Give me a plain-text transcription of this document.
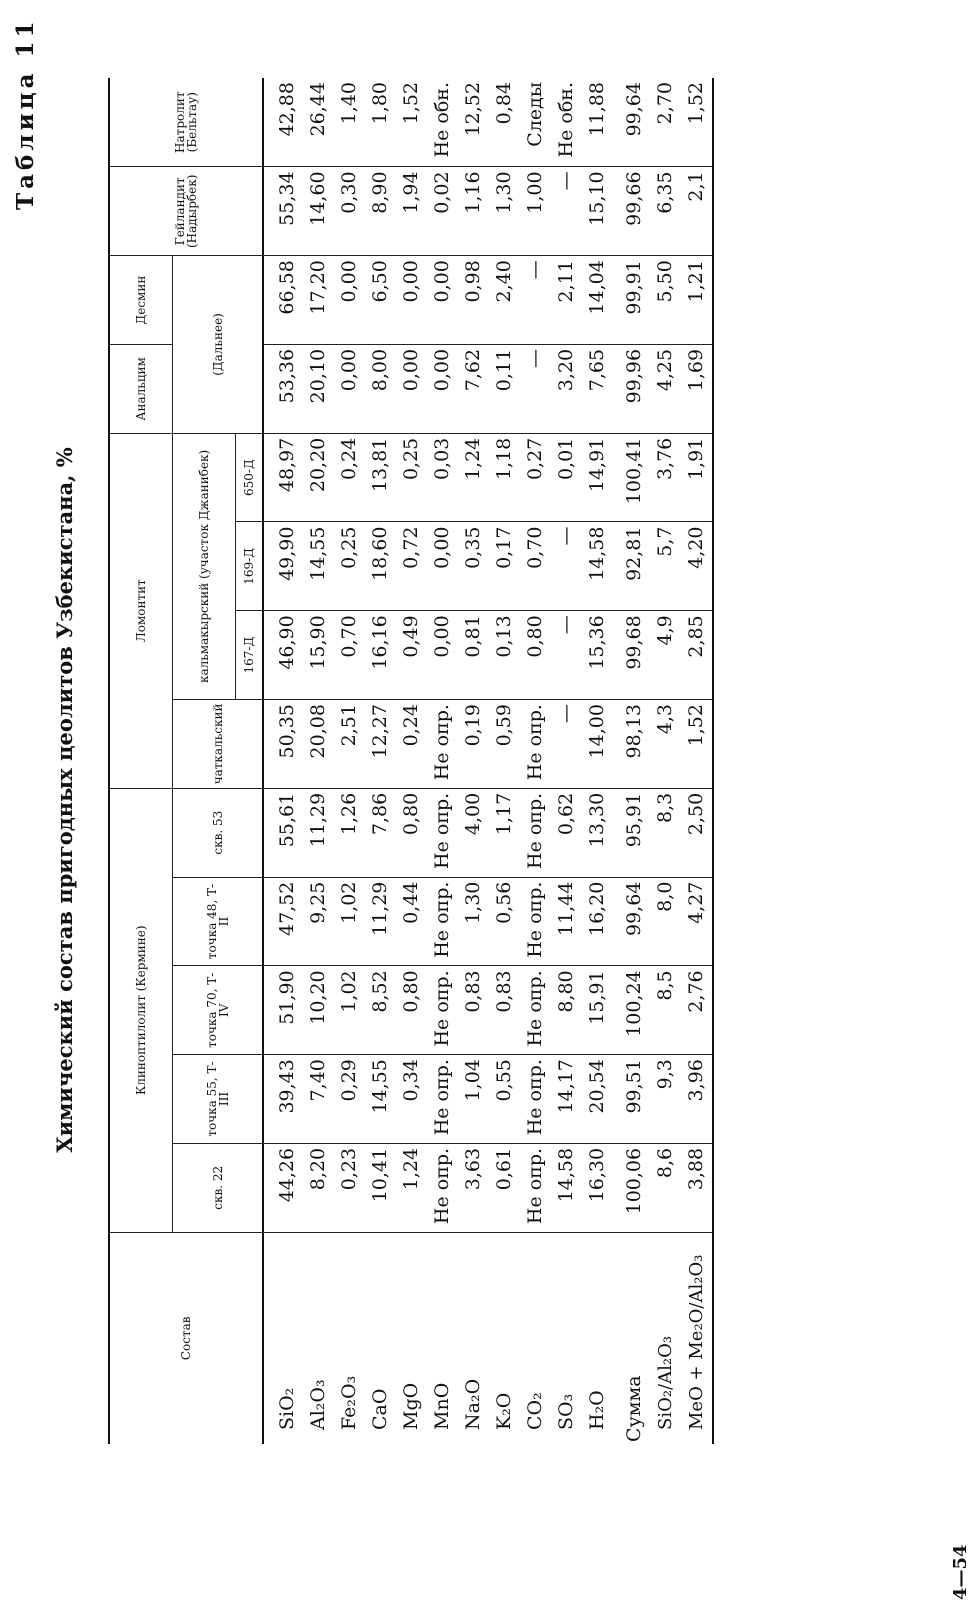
Таблица 11
Химический состав пригодных цеолитов Узбекистана, %
Состав	Клиноптилолит (Кермине)					Ломонтит				Анальцим	Десмин	Гейландит (Надырбек)	Натролит (Бельтау)
	скв. 22	точка 55, Т-III	точка 70, Т-IV	точка 48, Т-II	скв. 53	чаткальский	кальмакырский (участок Джанибек)			(Дальнее)			
							167-Д	169-Д	650-Д				
SiO₂	44,26	39,43	51,90	47,52	55,61	50,35	46,90	49,90	48,97	53,36	66,58	55,34	42,88
Al₂O₃	8,20	7,40	10,20	9,25	11,29	20,08	15,90	14,55	20,20	20,10	17,20	14,60	26,44
Fe₂O₃	0,23	0,29	1,02	1,02	1,26	2,51	0,70	0,25	0,24	0,00	0,00	0,30	1,40
CaO	10,41	14,55	8,52	11,29	7,86	12,27	16,16	18,60	13,81	8,00	6,50	8,90	1,80
MgO	1,24	0,34	0,80	0,44	0,80	0,24	0,49	0,72	0,25	0,00	0,00	1,94	1,52
MnO	Не опр.	Не опр.	Не опр.	Не опр.	Не опр.	Не опр.	0,00	0,00	0,03	0,00	0,00	0,02	Не обн.
Na₂O	3,63	1,04	0,83	1,30	4,00	0,19	0,81	0,35	1,24	7,62	0,98	1,16	12,52
K₂O	0,61	0,55	0,83	0,56	1,17	0,59	0,13	0,17	1,18	0,11	2,40	1,30	0,84
CO₂	Не опр.	Не опр.	Не опр.	Не опр.	Не опр.	Не опр.	0,80	0,70	0,27	—	—	1,00	Следы
SO₃	14,58	14,17	8,80	11,44	0,62	—	—	—	0,01	3,20	2,11	—	Не обн.
H₂O	16,30	20,54	15,91	16,20	13,30	14,00	15,36	14,58	14,91	7,65	14,04	15,10	11,88
Сумма	100,06	99,51	100,24	99,64	95,91	98,13	99,68	92,81	100,41	99,96	99,91	99,66	99,64
SiO₂/Al₂O₃	8,6	9,3	8,5	8,0	8,3	4,3	4,9	5,7	3,76	4,25	5,50	6,35	2,70
MeO + Me₂O/Al₂O₃	3,88	3,96	2,76	4,27	2,50	1,52	2,85	4,20	1,91	1,69	1,21	2,1	1,52
4—54
